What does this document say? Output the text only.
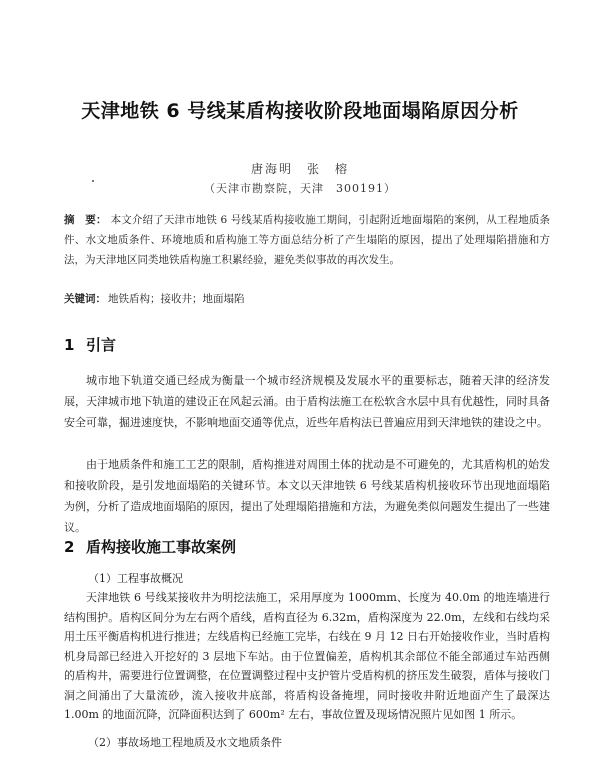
天津地铁 6 号线某盾构接收阶段地面塌陷原因分析
唐海明　张　榕
（天津市勘察院，天津　300191）
摘　要： 本文介绍了天津市地铁 6 号线某盾构接收施工期间，引起附近地面塌陷的案例，从工程地质条件、水文地质条件、环境地质和盾构施工等方面总结分析了产生塌陷的原因，提出了处理塌陷措施和方法，为天津地区同类地铁盾构施工积累经验，避免类似事故的再次发生。
关键词： 地铁盾构；接收井；地面塌陷
1 引言
城市地下轨道交通已经成为衡量一个城市经济规模及发展水平的重要标志，随着天津的经济发展，天津城市地下轨道的建设正在风起云涌。由于盾构法施工在松软含水层中具有优越性，同时具备安全可靠，掘进速度快，不影响地面交通等优点，近些年盾构法已普遍应用到天津地铁的建设之中。
由于地质条件和施工工艺的限制，盾构推进对周围土体的扰动是不可避免的，尤其盾构机的始发和接收阶段，是引发地面塌陷的关键环节。本文以天津地铁 6 号线某盾构机接收环节出现地面塌陷为例，分析了造成地面塌陷的原因，提出了处理塌陷措施和方法，为避免类似问题发生提出了一些建议。
2 盾构接收施工事故案例
（1）工程事故概况
天津地铁 6 号线某接收井为明挖法施工，采用厚度为 1000mm、长度为 40.0m 的地连墙进行结构围护。盾构区间分为左右两个盾线，盾构直径为 6.32m，盾构深度为 22.0m，左线和右线均采用土压平衡盾构机进行推进；左线盾构已经施工完毕，右线在 9 月 12 日右开始接收作业，当时盾构机身局部已经进入开挖好的 3 层地下车站。由于位置偏差，盾构机其余部位不能全部通过车站西侧的盾构井，需要进行位置调整，在位置调整过程中支护管片受盾构机的挤压发生破裂，盾体与接收门洞之间涌出了大量流砂，流入接收井底部，将盾构设备掩埋，同时接收井附近地面产生了最深达 1.00m 的地面沉降，沉降面积达到了 600m² 左右，事故位置及现场情况照片见如图 1 所示。
（2）事故场地工程地质及水文地质条件
